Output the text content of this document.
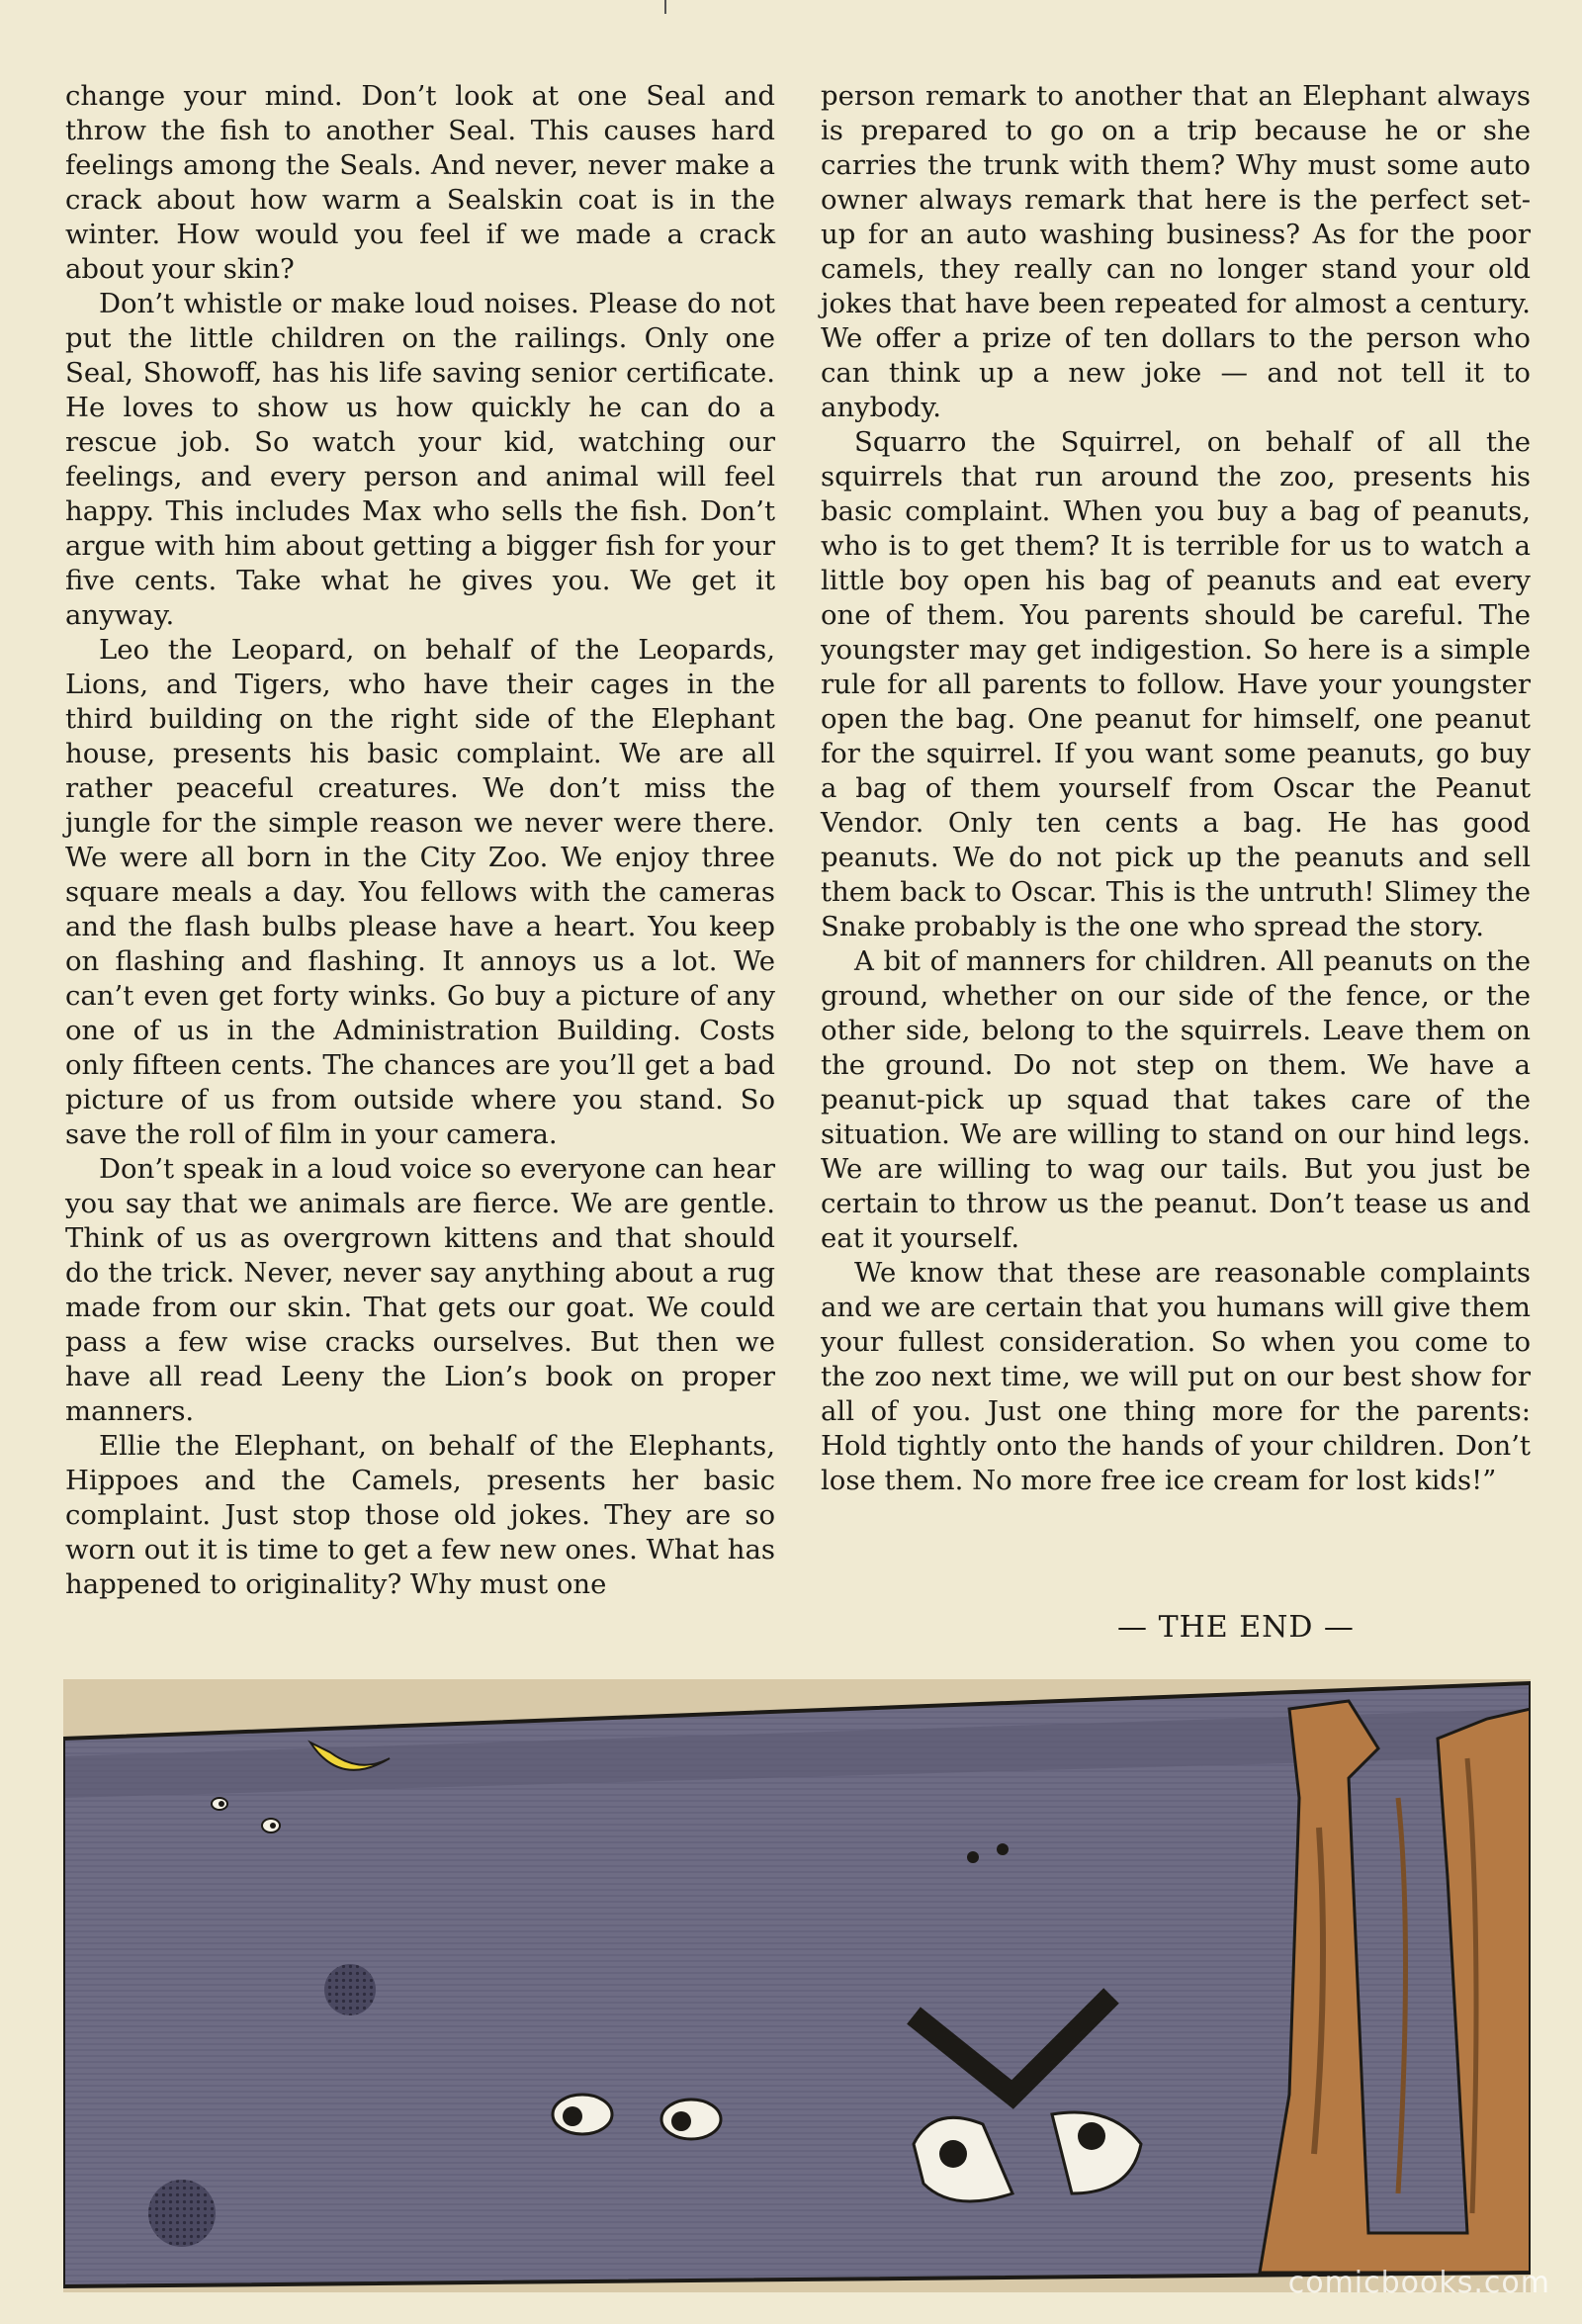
change your mind. Don’t look at one Seal and throw the fish to another Seal. This causes hard feelings among the Seals. And never, never make a crack about how warm a Sealskin coat is in the winter. How would you feel if we made a crack about your skin?

Don’t whistle or make loud noises. Please do not put the little children on the railings. Only one Seal, Showoff, has his life saving senior certificate. He loves to show us how quickly he can do a rescue job. So watch your kid, watching our feelings, and every person and animal will feel happy. This includes Max who sells the fish. Don’t argue with him about getting a bigger fish for your five cents. Take what he gives you. We get it anyway.

Leo the Leopard, on behalf of the Leopards, Lions, and Tigers, who have their cages in the third building on the right side of the Elephant house, presents his basic complaint. We are all rather peaceful creatures. We don’t miss the jungle for the simple reason we never were there. We were all born in the City Zoo. We enjoy three square meals a day. You fellows with the cameras and the flash bulbs please have a heart. You keep on flashing and flashing. It annoys us a lot. We can’t even get forty winks. Go buy a picture of any one of us in the Administration Building. Costs only fifteen cents. The chances are you’ll get a bad picture of us from outside where you stand. So save the roll of film in your camera.

Don’t speak in a loud voice so everyone can hear you say that we animals are fierce. We are gentle. Think of us as overgrown kittens and that should do the trick. Never, never say anything about a rug made from our skin. That gets our goat. We could pass a few wise cracks ourselves. But then we have all read Leeny the Lion’s book on proper manners.

Ellie the Elephant, on behalf of the Elephants, Hippoes and the Camels, presents her basic complaint. Just stop those old jokes. They are so worn out it is time to get a few new ones. What has happened to originality? Why must one

person remark to another that an Elephant always is prepared to go on a trip because he or she carries the trunk with them? Why must some auto owner always remark that here is the perfect set-up for an auto washing business? As for the poor camels, they really can no longer stand your old jokes that have been repeated for almost a century. We offer a prize of ten dollars to the person who can think up a new joke — and not tell it to anybody.

Squarro the Squirrel, on behalf of all the squirrels that run around the zoo, presents his basic complaint. When you buy a bag of peanuts, who is to get them? It is terrible for us to watch a little boy open his bag of peanuts and eat every one of them. You parents should be careful. The youngster may get indigestion. So here is a simple rule for all parents to follow. Have your youngster open the bag. One peanut for himself, one peanut for the squirrel. If you want some peanuts, go buy a bag of them yourself from Oscar the Peanut Vendor. Only ten cents a bag. He has good peanuts. We do not pick up the peanuts and sell them back to Oscar. This is the untruth! Slimey the Snake probably is the one who spread the story.

A bit of manners for children. All peanuts on the ground, whether on our side of the fence, or the other side, belong to the squirrels. Leave them on the ground. Do not step on them. We have a peanut-pick up squad that takes care of the situation. We are willing to stand on our hind legs. We are willing to wag our tails. But you just be certain to throw us the peanut. Don’t tease us and eat it yourself.

We know that these are reasonable complaints and we are certain that you humans will give them your fullest consideration. So when you come to the zoo next time, we will put on our best show for all of you. Just one thing more for the parents: Hold tightly onto the hands of your children. Don’t lose them. No more free ice cream for lost kids!”

— THE END —
comicbooks.com
